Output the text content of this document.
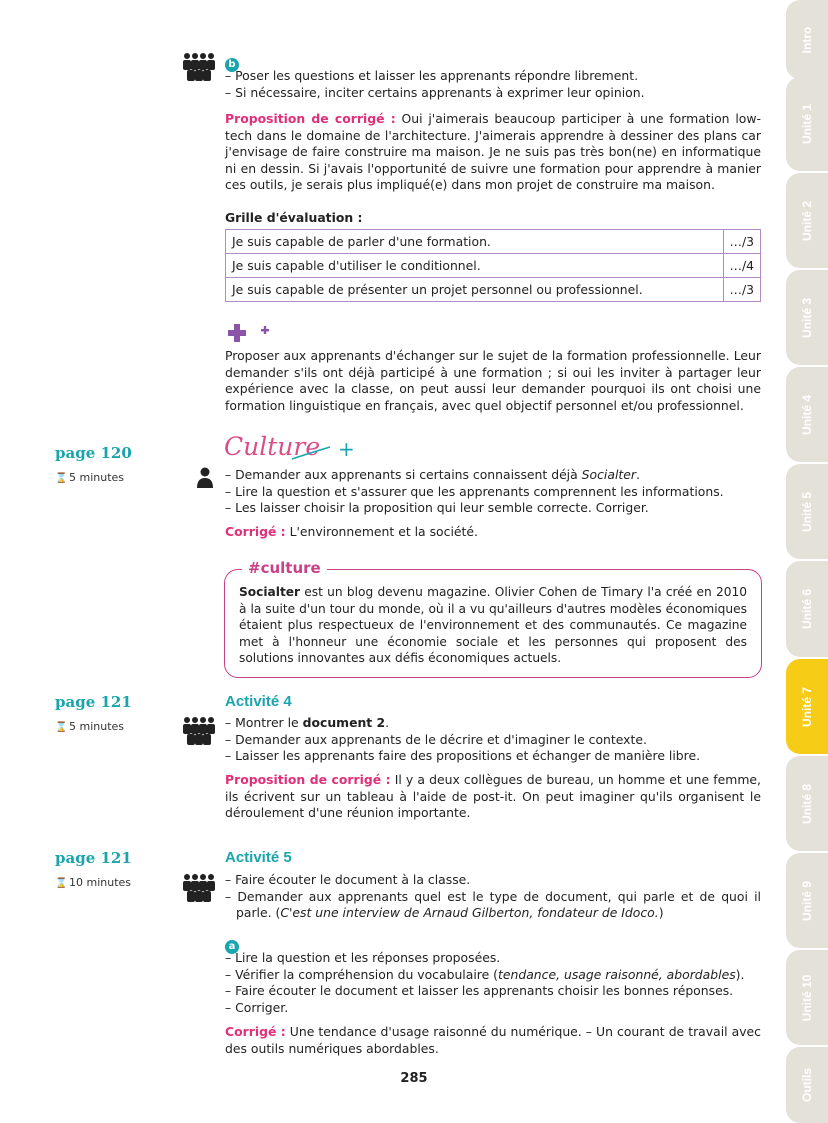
Intro
Unité 1
Unité 2
Unité 3
Unité 4
Unité 5
Unité 6
Unité 7
Unité 8
Unité 9
Unité 10
Outils
b
– Poser les questions et laisser les apprenants répondre librement.
– Si nécessaire, inciter certains apprenants à exprimer leur opinion.
Proposition de corrigé : Oui j'aimerais beaucoup participer à une formation low-tech dans le domaine de l'architecture. J'aimerais apprendre à dessiner des plans car j'envisage de faire construire ma maison. Je ne suis pas très bon(ne) en informatique ni en dessin. Si j'avais l'opportunité de suivre une formation pour apprendre à manier ces outils, je serais plus impliqué(e) dans mon projet de construire ma maison.
Grille d'évaluation :
Je suis capable de parler d'une formation.	…/3
Je suis capable d'utiliser le conditionnel.	…/4
Je suis capable de présenter un projet personnel ou professionnel.	…/3
Proposer aux apprenants d'échanger sur le sujet de la formation professionnelle. Leur demander s'ils ont déjà participé à une formation ; si oui les inviter à partager leur expérience avec la classe, on peut aussi leur demander pourquoi ils ont choisi une formation linguistique en français, avec quel objectif personnel et/ou professionnel.
page 120
⌛ 5 minutes
Culture +
– Demander aux apprenants si certains connaissent déjà Socialter.
– Lire la question et s'assurer que les apprenants comprennent les informations.
– Les laisser choisir la proposition qui leur semble correcte. Corriger.
Corrigé : L'environnement et la société.
Socialter est un blog devenu magazine. Olivier Cohen de Timary l'a créé en 2010 à la suite d'un tour du monde, où il a vu qu'ailleurs d'autres modèles économiques étaient plus respectueux de l'environnement et des communautés. Ce magazine met à l'honneur une économie sociale et les personnes qui proposent des solutions innovantes aux défis économiques actuels.
#culture
page 121
⌛ 5 minutes
Activité 4
– Montrer le document 2.
– Demander aux apprenants de le décrire et d'imaginer le contexte.
– Laisser les apprenants faire des propositions et échanger de manière libre.
Proposition de corrigé : Il y a deux collègues de bureau, un homme et une femme, ils écrivent sur un tableau à l'aide de post-it. On peut imaginer qu'ils organisent le déroulement d'une réunion importante.
page 121
⌛ 10 minutes
Activité 5
– Faire écouter le document à la classe.
– Demander aux apprenants quel est le type de document, qui parle et de quoi il parle. (C'est une interview de Arnaud Gilberton, fondateur de Idoco.)
a
– Lire la question et les réponses proposées.
– Vérifier la compréhension du vocabulaire (tendance, usage raisonné, abordables).
– Faire écouter le document et laisser les apprenants choisir les bonnes réponses.
– Corriger.
Corrigé : Une tendance d'usage raisonné du numérique. – Un courant de travail avec des outils numériques abordables.
285
